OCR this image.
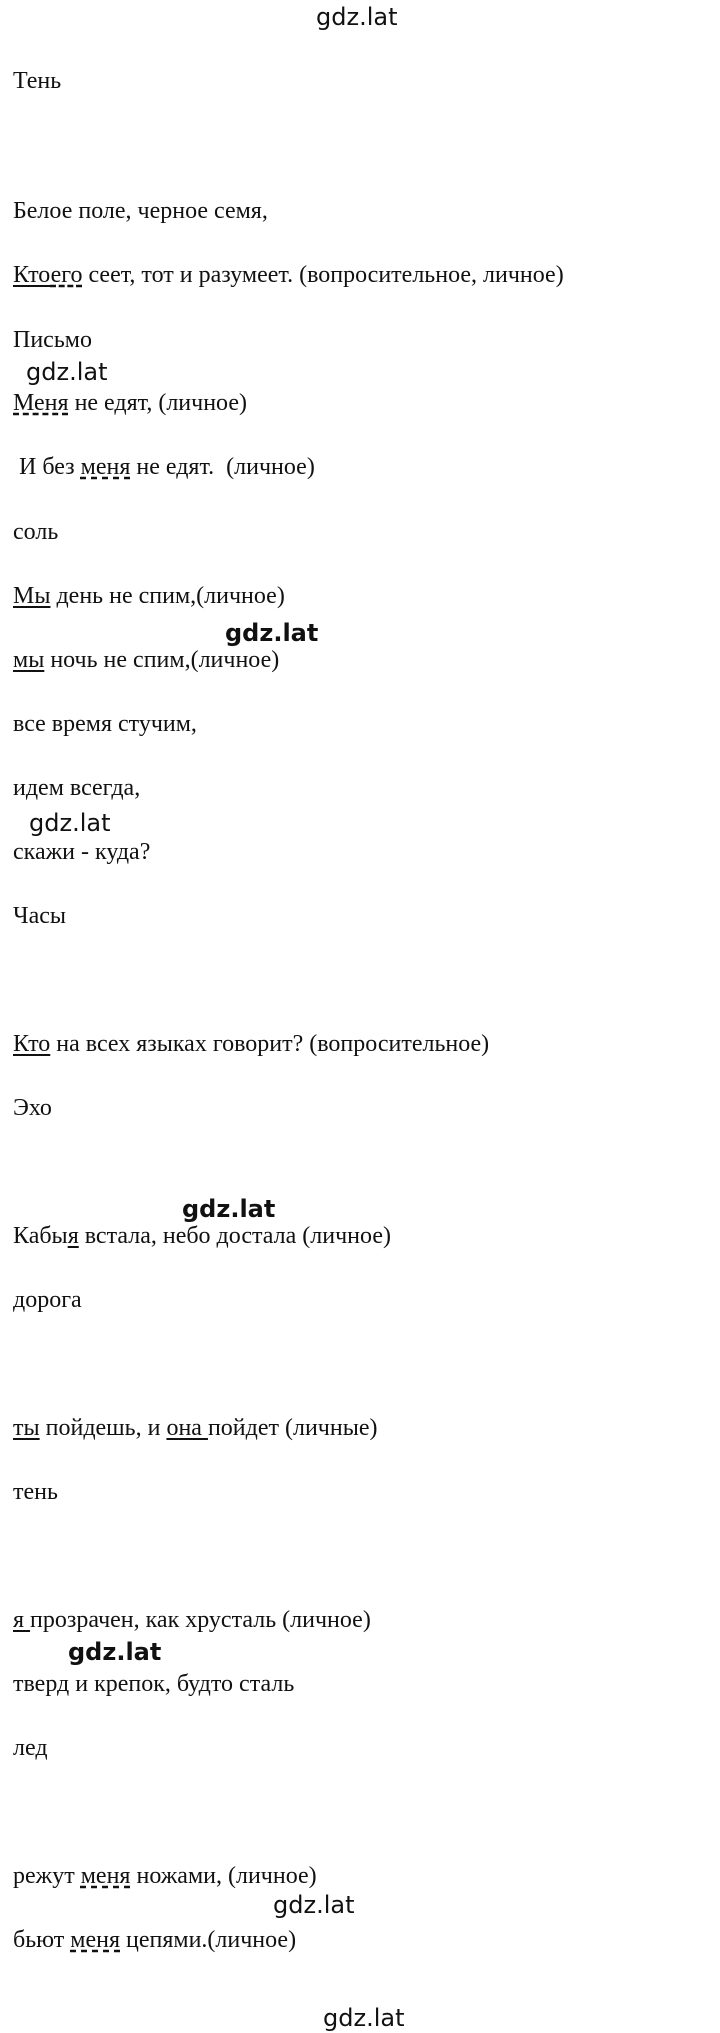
gdz.lat
gdz.lat
gdz.lat
gdz.lat
gdz.lat
gdz.lat
gdz.lat
gdz.lat
Тень
Белое поле, черное семя,
Ктоего сеет, тот и разумеет. (вопросительное, личное)
Письмо
Меня не едят, (личное)
И без меня не едят.  (личное)
соль
Мы день не спим,(личное)
мы ночь не спим,(личное)
все время стучим,
идем всегда,
скажи - куда?
Часы
Кто на всех языках говорит? (вопросительное)
Эхо
Кабыя встала, небо достала (личное)
дорога
ты пойдешь, и она пойдет (личные)
тень
я прозрачен, как хрусталь (личное)
тверд и крепок, будто сталь
лед
режут меня ножами, (личное)
бьют меня цепями.(личное)
